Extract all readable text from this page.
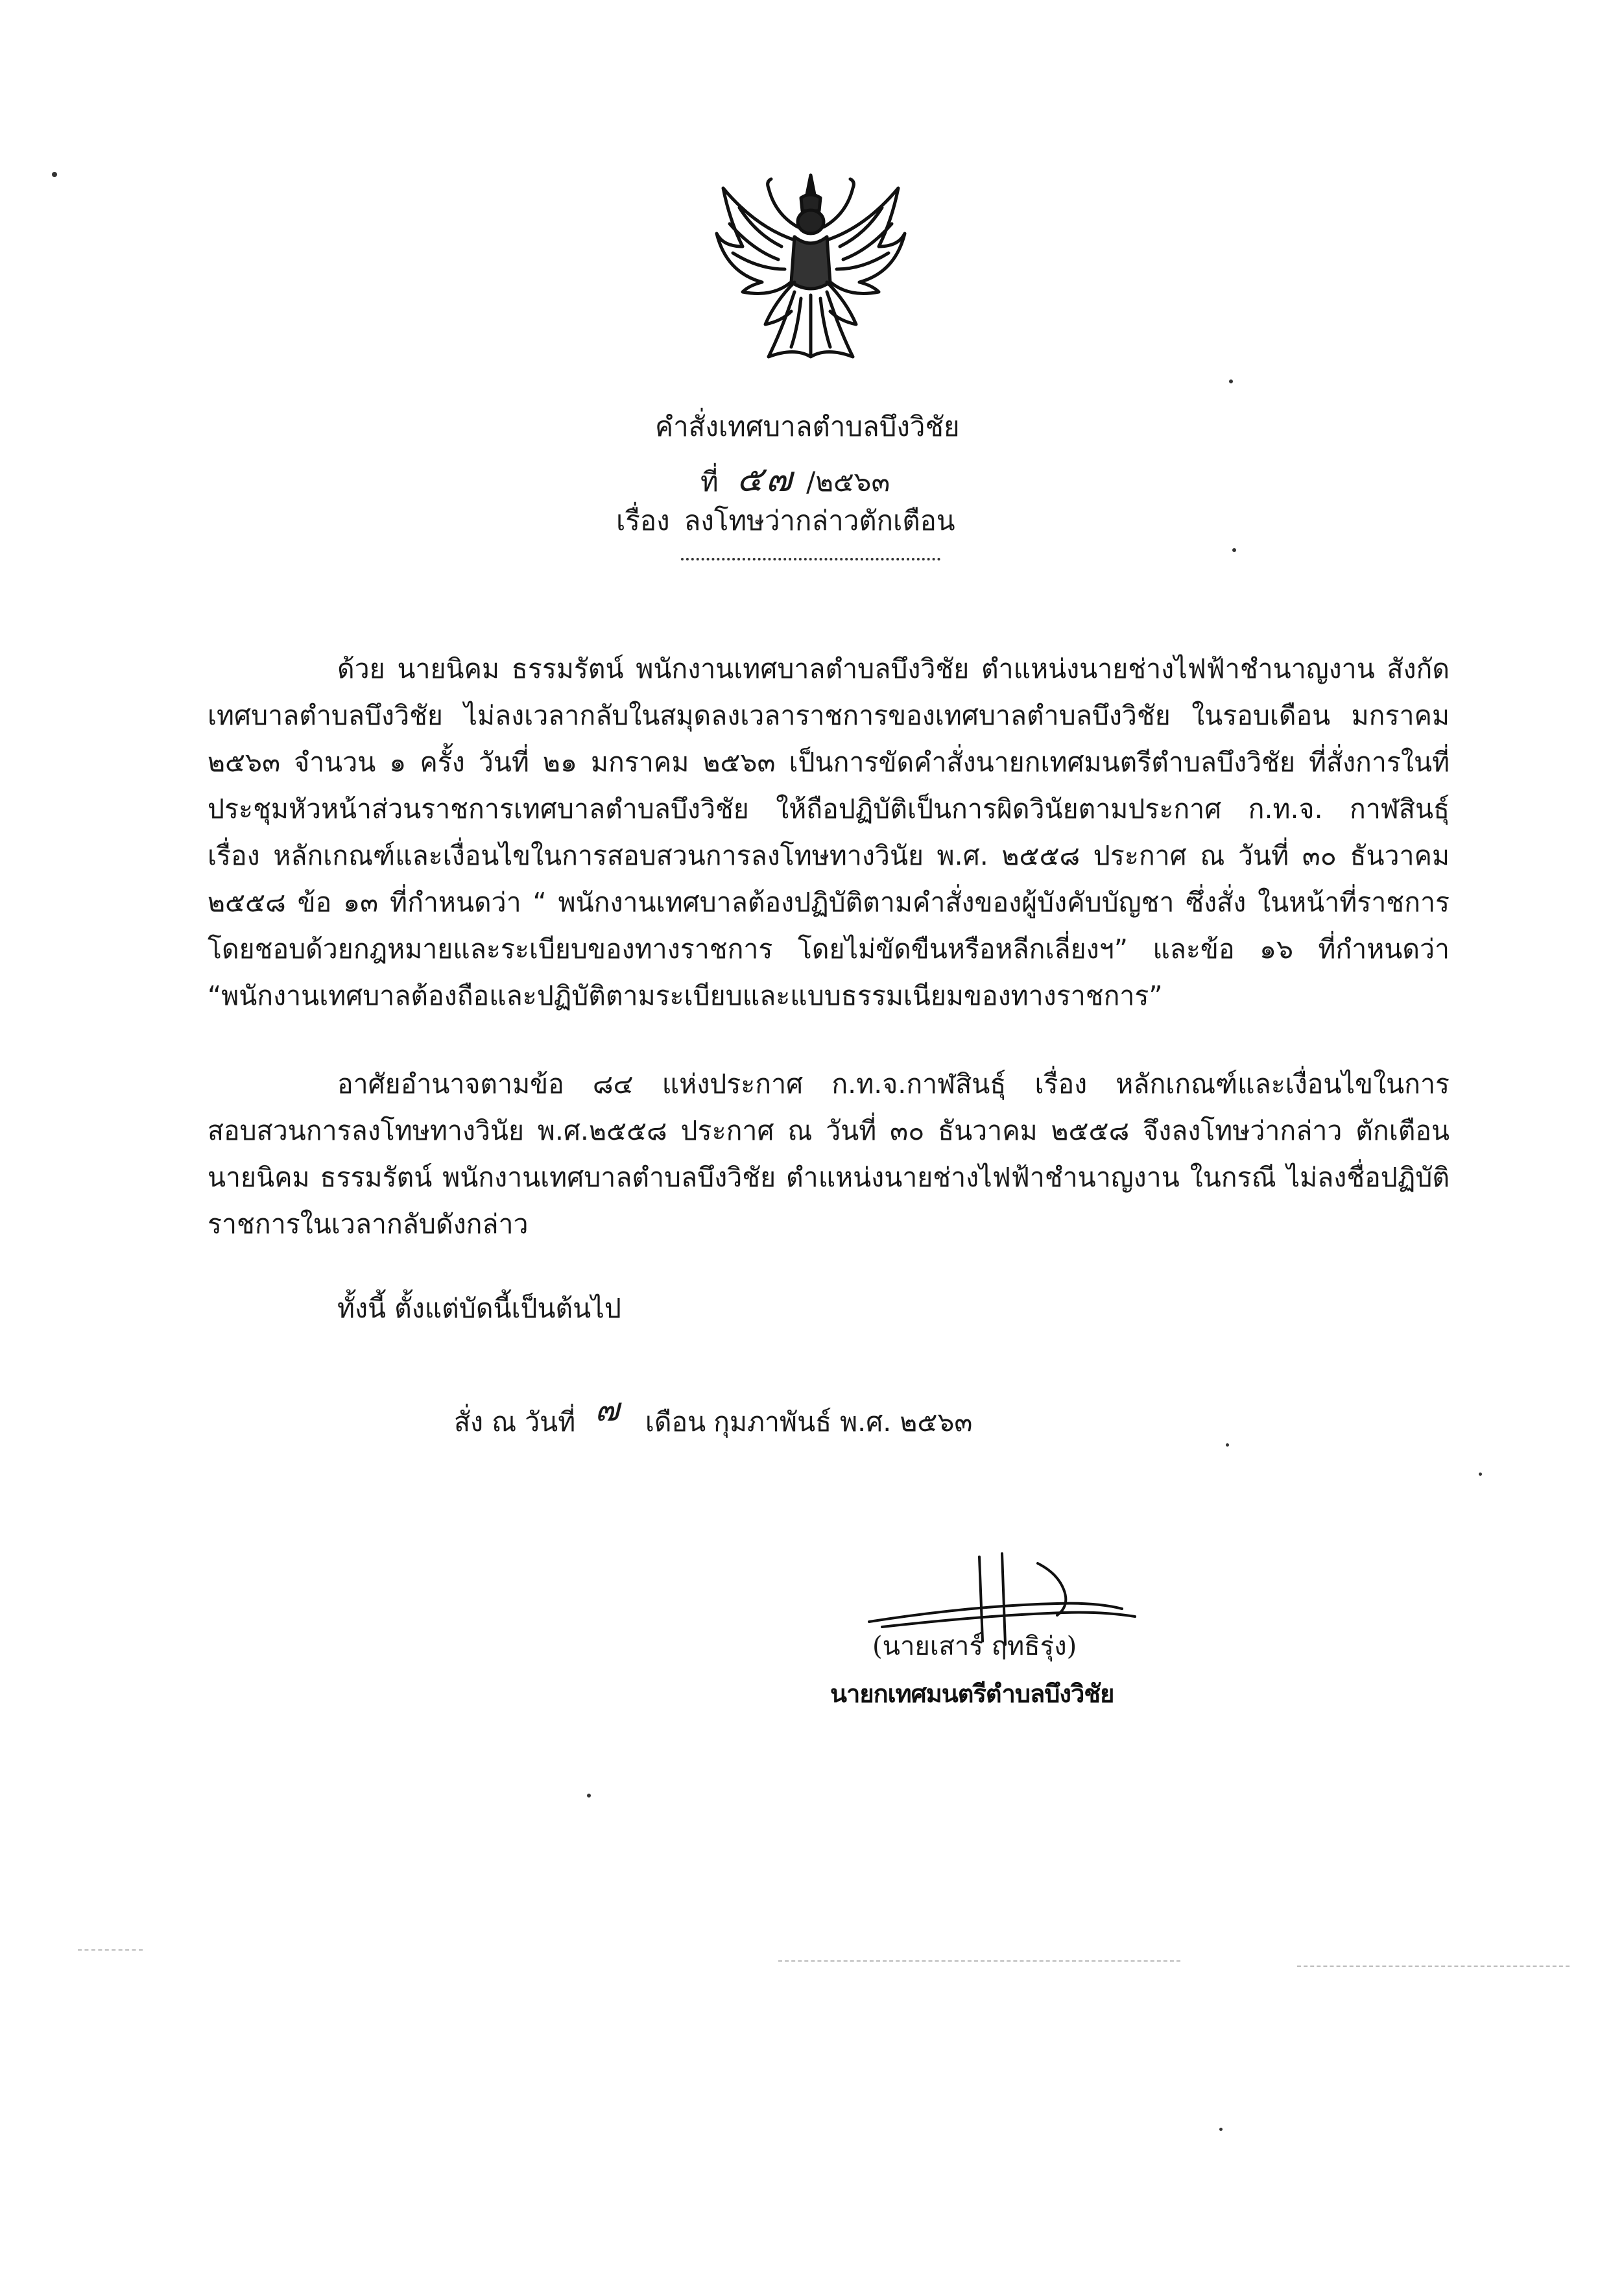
คำสั่งเทศบาลตำบลบึงวิชัย
ที่ ๕๗ /๒๕๖๓
เรื่อง ลงโทษว่ากล่าวตักเตือน
ด้วย นายนิคม ธรรมรัตน์ พนักงานเทศบาลตำบลบึงวิชัย ตำแหน่งนายช่างไฟฟ้าชำนาญงาน สังกัดเทศบาลตำบลบึงวิชัย ไม่ลงเวลากลับในสมุดลงเวลาราชการของเทศบาลตำบลบึงวิชัย ในรอบเดือน มกราคม ๒๕๖๓ จำนวน ๑ ครั้ง วันที่ ๒๑ มกราคม ๒๕๖๓ เป็นการขัดคำสั่งนายกเทศมนตรีตำบลบึงวิชัย ที่สั่งการในที่ประชุมหัวหน้าส่วนราชการเทศบาลตำบลบึงวิชัย ให้ถือปฏิบัติเป็นการผิดวินัยตามประกาศ ก.ท.จ. กาฬสินธุ์ เรื่อง หลักเกณฑ์และเงื่อนไขในการสอบสวนการลงโทษทางวินัย พ.ศ. ๒๕๕๘ ประกาศ ณ วันที่ ๓๐ ธันวาคม ๒๕๕๘ ข้อ ๑๓ ที่กำหนดว่า “ พนักงานเทศบาลต้องปฏิบัติตามคำสั่งของผู้บังคับบัญชา ซึ่งสั่ง ในหน้าที่ราชการโดยชอบด้วยกฎหมายและระเบียบของทางราชการ โดยไม่ขัดขืนหรือหลีกเลี่ยงฯ” และข้อ ๑๖ ที่กำหนดว่า “พนักงานเทศบาลต้องถือและปฏิบัติตามระเบียบและแบบธรรมเนียมของทางราชการ”
อาศัยอำนาจตามข้อ ๘๔ แห่งประกาศ ก.ท.จ.กาฬสินธุ์ เรื่อง หลักเกณฑ์และเงื่อนไขในการ สอบสวนการลงโทษทางวินัย พ.ศ.๒๕๕๘ ประกาศ ณ วันที่ ๓๐ ธันวาคม ๒๕๕๘ จึงลงโทษว่ากล่าว ตักเตือน นายนิคม ธรรมรัตน์ พนักงานเทศบาลตำบลบึงวิชัย ตำแหน่งนายช่างไฟฟ้าชำนาญงาน ในกรณี ไม่ลงชื่อปฏิบัติราชการในเวลากลับดังกล่าว
ทั้งนี้ ตั้งแต่บัดนี้เป็นต้นไป
สั่ง ณ วันที่ ๗ เดือน กุมภาพันธ์ พ.ศ. ๒๕๖๓
(นายเสาร์ ฤทธิรุ่ง)
นายกเทศมนตรีตำบลบึงวิชัย
